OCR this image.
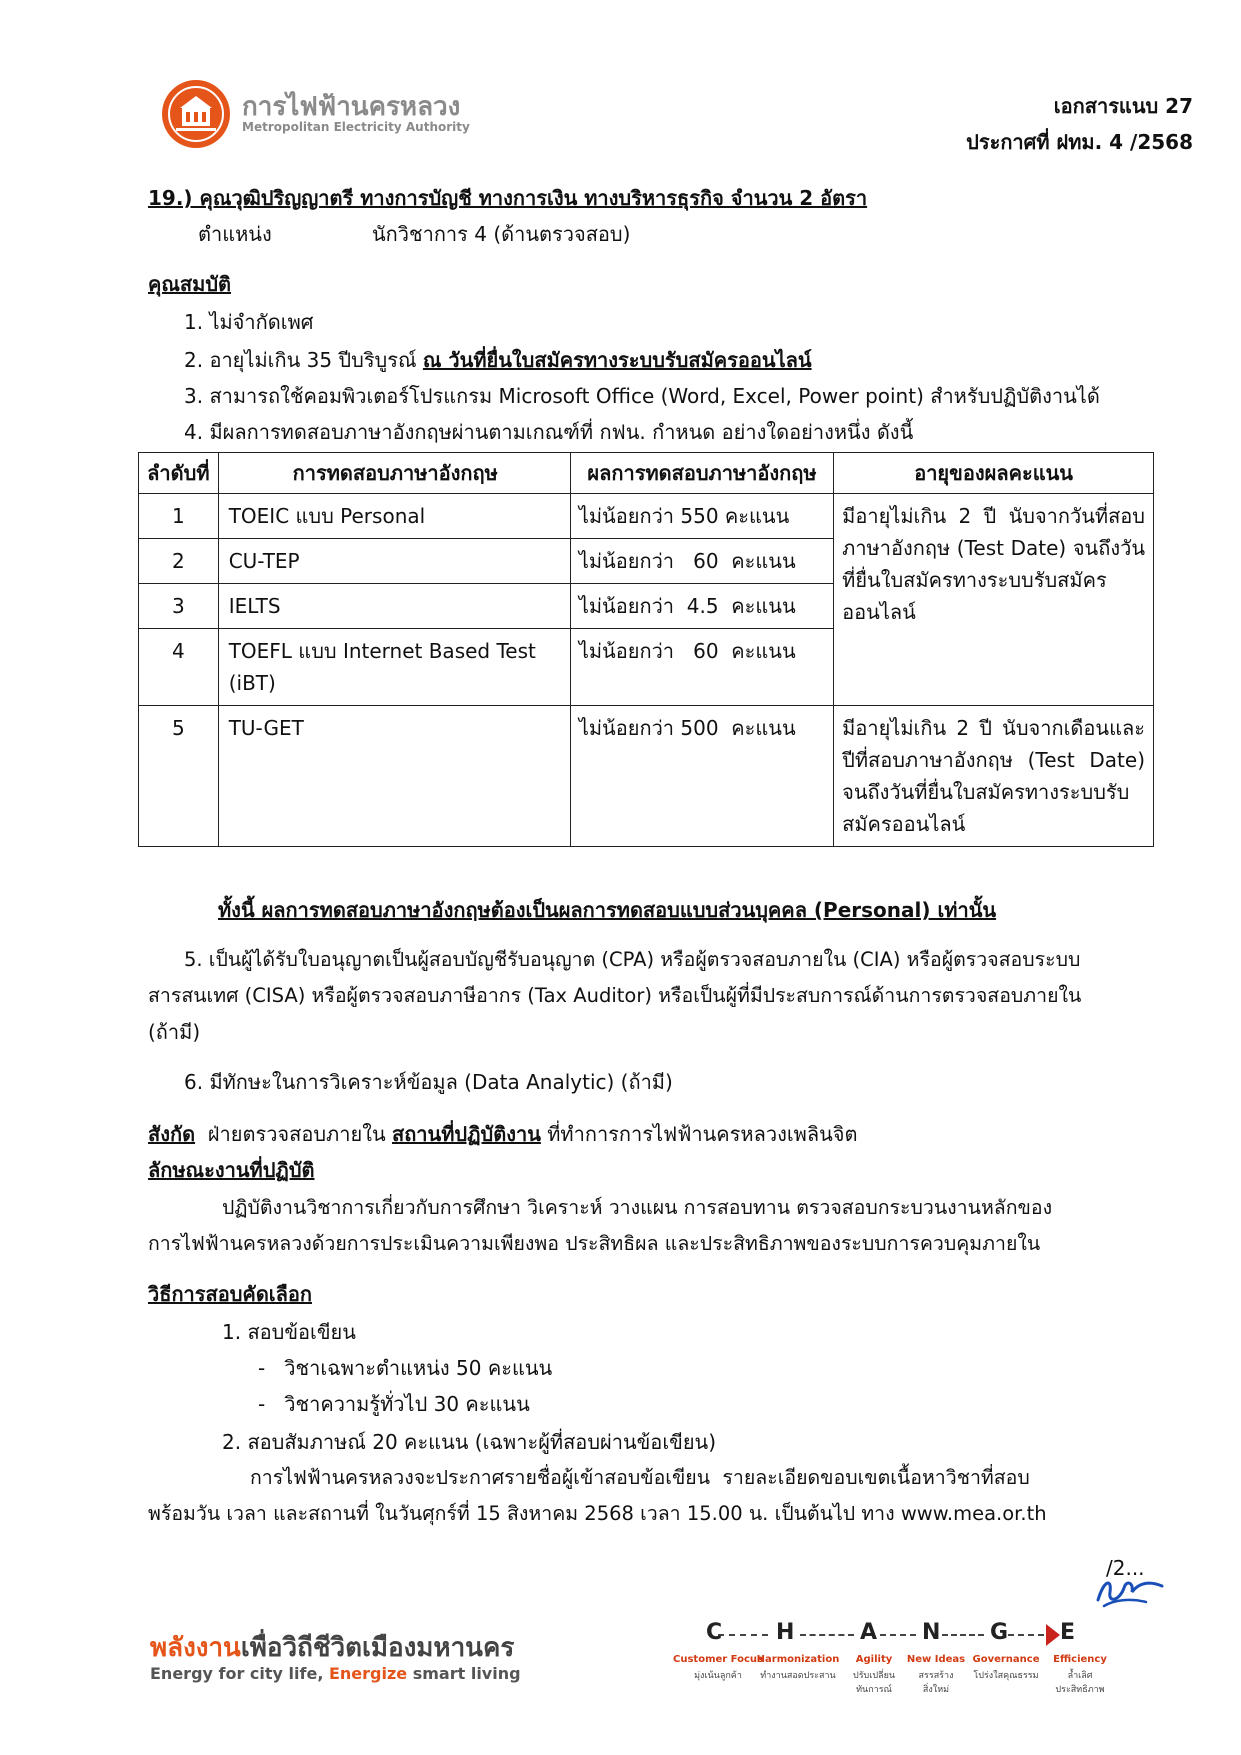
การไฟฟ้านครหลวง
Metropolitan Electricity Authority
เอกสารแนบ 27
ประกาศที่ ฝทม. 4 /2568
19.) คุณวุฒิปริญญาตรี ทางการบัญชี ทางการเงิน ทางบริหารธุรกิจ จำนวน 2 อัตรา
ตำแหน่ง	นักวิชาการ 4 (ด้านตรวจสอบ)
คุณสมบัติ
1. ไม่จำกัดเพศ
2. อายุไม่เกิน 35 ปีบริบูรณ์ ณ วันที่ยื่นใบสมัครทางระบบรับสมัครออนไลน์
3. สามารถใช้คอมพิวเตอร์โปรแกรม Microsoft Office (Word, Excel, Power point) สำหรับปฏิบัติงานได้
4. มีผลการทดสอบภาษาอังกฤษผ่านตามเกณฑ์ที่ กฟน. กำหนด อย่างใดอย่างหนึ่ง ดังนี้
ลำดับที่	การทดสอบภาษาอังกฤษ	ผลการทดสอบภาษาอังกฤษ	อายุของผลคะแนน
1	TOEIC แบบ Personal	ไม่น้อยกว่า 550 คะแนน	มีอายุไม่เกิน 2 ปี นับจากวันที่สอบภาษาอังกฤษ (Test Date) จนถึงวันที่ยื่นใบสมัครทางระบบรับสมัครออนไลน์

2	CU-TEP	ไม่น้อยกว่า   60  คะแนน	
3	IELTS	ไม่น้อยกว่า  4.5  คะแนน	
4	TOEFL แบบ Internet Based Test (iBT)	ไม่น้อยกว่า   60  คะแนน	
5	TU-GET	ไม่น้อยกว่า 500  คะแนน	มีอายุไม่เกิน 2 ปี นับจากเดือนและปีที่สอบภาษาอังกฤษ (Test Date) จนถึงวันที่ยื่นใบสมัครทางระบบรับสมัครออนไลน์
ทั้งนี้ ผลการทดสอบภาษาอังกฤษต้องเป็นผลการทดสอบแบบส่วนบุคคล (Personal) เท่านั้น
5. เป็นผู้ได้รับใบอนุญาตเป็นผู้สอบบัญชีรับอนุญาต (CPA) หรือผู้ตรวจสอบภายใน (CIA) หรือผู้ตรวจสอบระบบ
สารสนเทศ (CISA) หรือผู้ตรวจสอบภาษีอากร (Tax Auditor) หรือเป็นผู้ที่มีประสบการณ์ด้านการตรวจสอบภายใน
(ถ้ามี)
6. มีทักษะในการวิเคราะห์ข้อมูล (Data Analytic) (ถ้ามี)
สังกัด  ฝ่ายตรวจสอบภายใน สถานที่ปฏิบัติงาน ที่ทำการการไฟฟ้านครหลวงเพลินจิต
ลักษณะงานที่ปฏิบัติ
ปฏิบัติงานวิชาการเกี่ยวกับการศึกษา วิเคราะห์ วางแผน การสอบทาน ตรวจสอบกระบวนงานหลักของ
การไฟฟ้านครหลวงด้วยการประเมินความเพียงพอ ประสิทธิผล และประสิทธิภาพของระบบการควบคุมภายใน
วิธีการสอบคัดเลือก
1. สอบข้อเขียน
-   วิชาเฉพาะตำแหน่ง 50 คะแนน
-   วิชาความรู้ทั่วไป 30 คะแนน
2. สอบสัมภาษณ์ 20 คะแนน (เฉพาะผู้ที่สอบผ่านข้อเขียน)
การไฟฟ้านครหลวงจะประกาศรายชื่อผู้เข้าสอบข้อเขียน  รายละเอียดขอบเขตเนื้อหาวิชาที่สอบ
พร้อมวัน เวลา และสถานที่ ในวันศุกร์ที่ 15 สิงหาคม 2568 เวลา 15.00 น. เป็นต้นไป ทาง www.mea.or.th
/2...
พลังงานเพื่อวิถีชีวิตเมืองมหานคร
Energy for city life, Energize smart living
C H	A N G E
Customer Focus
Harmonization Agility New Ideas Governance Efficiency
มุ่งเน้นลูกค้า ทำงานสอดประสาน ปรับเปลี่ยนทันการณ์
สรรสร้างสิ่งใหม่
โปร่งใสคุณธรรม	ล้ำเลิศประสิทธิภาพ
